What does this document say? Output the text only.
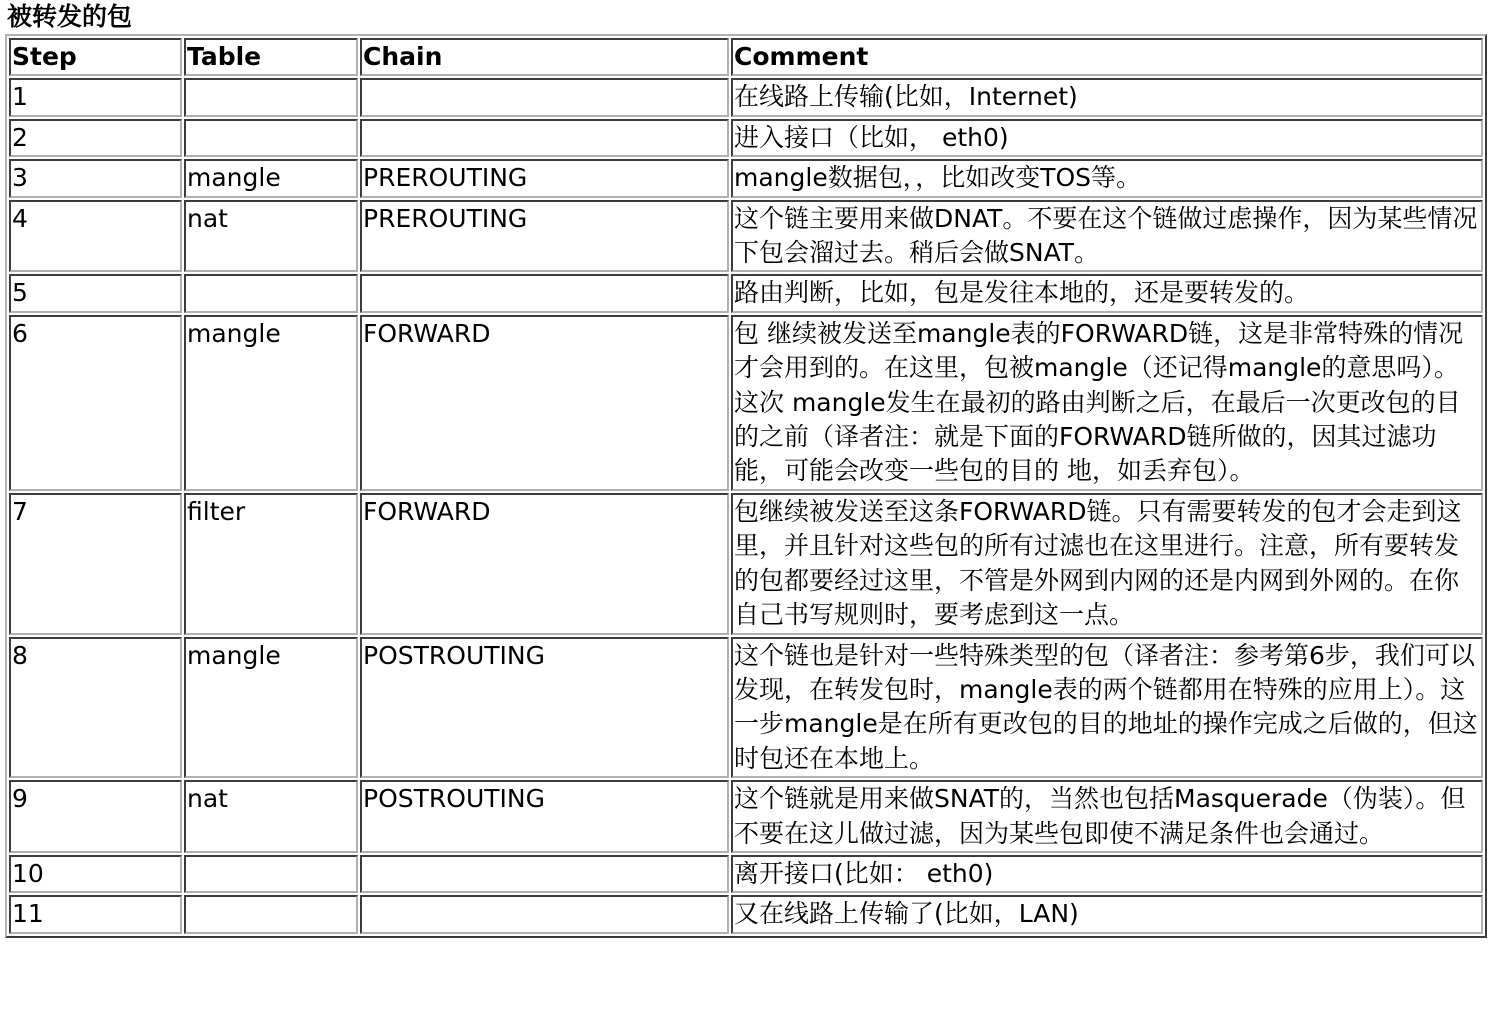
被转发的包
Step	Table	Chain	Comment
1			在线路上传输(比如，Internet)
2			进入接口（比如， eth0)
3	mangle	PREROUTING	mangle数据包，，比如改变TOS等。
4	nat	PREROUTING	这个链主要用来做DNAT。不要在这个链做过虑操作，因为某些情况下包会溜过去。稍后会做SNAT。
5			路由判断，比如，包是发往本地的，还是要转发的。
6	mangle	FORWARD	包 继续被发送至mangle表的FORWARD链，这是非常特殊的情况才会用到的。在这里，包被mangle（还记得mangle的意思吗）。这次 mangle发生在最初的路由判断之后，在最后一次更改包的目的之前（译者注：就是下面的FORWARD链所做的，因其过滤功能，可能会改变一些包的目的 地，如丢弃包）。
7	filter	FORWARD	包继续被发送至这条FORWARD链。只有需要转发的包才会走到这里，并且针对这些包的所有过滤也在这里进行。注意，所有要转发的包都要经过这里，不管是外网到内网的还是内网到外网的。在你自己书写规则时，要考虑到这一点。
8	mangle	POSTROUTING	这个链也是针对一些特殊类型的包（译者注：参考第6步，我们可以发现，在转发包时，mangle表的两个链都用在特殊的应用上）。这一步mangle是在所有更改包的目的地址的操作完成之后做的，但这时包还在本地上。
9	nat	POSTROUTING	这个链就是用来做SNAT的，当然也包括Masquerade（伪装）。但不要在这儿做过滤，因为某些包即使不满足条件也会通过。
10			离开接口(比如： eth0)
11			又在线路上传输了(比如，LAN)
